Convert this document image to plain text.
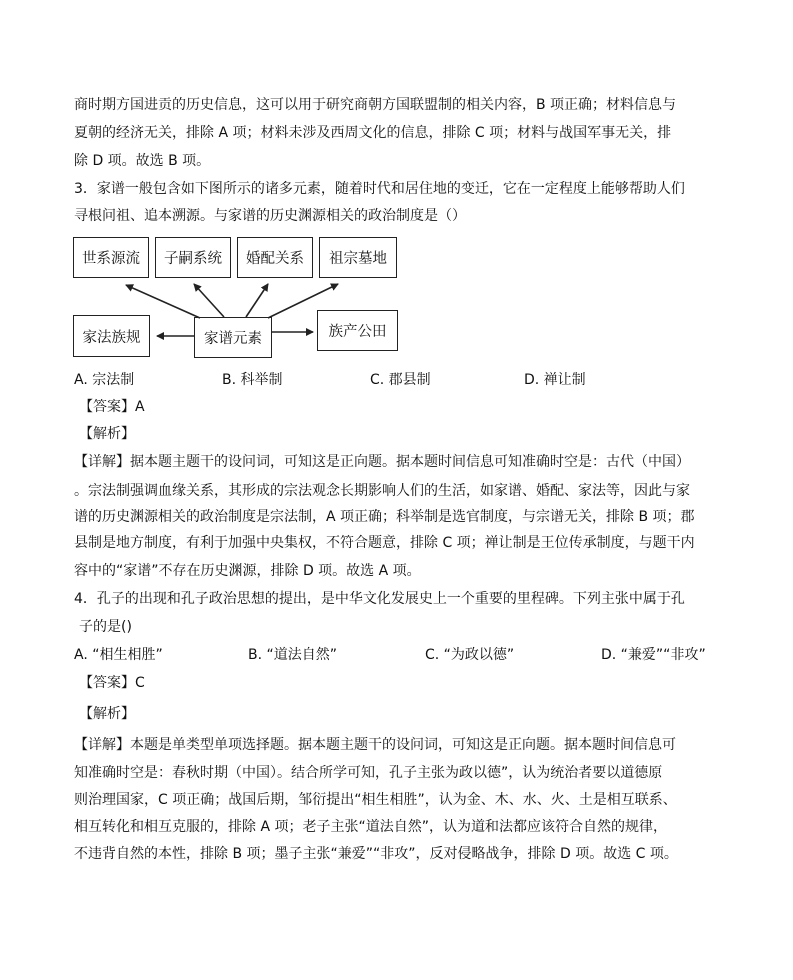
商时期方国进贡的历史信息，这可以用于研究商朝方国联盟制的相关内容，B 项正确；材料信息与
夏朝的经济无关，排除 A 项；材料未涉及西周文化的信息，排除 C 项；材料与战国军事无关，排
除 D 项。故选 B 项。
3．家谱一般包含如下图所示的诸多元素，随着时代和居住地的变迁，它在一定程度上能够帮助人们
寻根问祖、追本溯源。与家谱的历史渊源相关的政治制度是（）
世系源流	子嗣系统	婚配关系	祖宗墓地
家法族规	家谱元素	族产公田
A. 宗法制	B. 科举制	C. 郡县制	D. 禅让制
【答案】A
【解析】
【详解】据本题主题干的设问词，可知这是正向题。据本题时间信息可知准确时空是：古代（中国）
。宗法制强调血缘关系，其形成的宗法观念长期影响人们的生活，如家谱、婚配、家法等，因此与家
谱的历史渊源相关的政治制度是宗法制，A 项正确；科举制是选官制度，与宗谱无关，排除 B 项；郡
县制是地方制度，有利于加强中央集权，不符合题意，排除 C 项；禅让制是王位传承制度，与题干内
容中的“家谱”不存在历史渊源，排除 D 项。故选 A 项。
4．孔子的出现和孔子政治思想的提出，是中华文化发展史上一个重要的里程碑。下列主张中属于孔
子的是()
A. “相生相胜”	B. “道法自然”	C. “为政以德”	D. “兼爱”“非攻”
【答案】C
【解析】
【详解】本题是单类型单项选择题。据本题主题干的设问词，可知这是正向题。据本题时间信息可
知准确时空是：春秋时期（中国）。结合所学可知，孔子主张为政以德”，认为统治者要以道德原
则治理国家，C 项正确；战国后期，邹衍提出“相生相胜”，认为金、木、水、火、土是相互联系、
相互转化和相互克服的，排除 A 项；老子主张“道法自然”，认为道和法都应该符合自然的规律，
不违背自然的本性，排除 B 项；墨子主张“兼爱”“非攻”，反对侵略战争，排除 D 项。故选 C 项。
